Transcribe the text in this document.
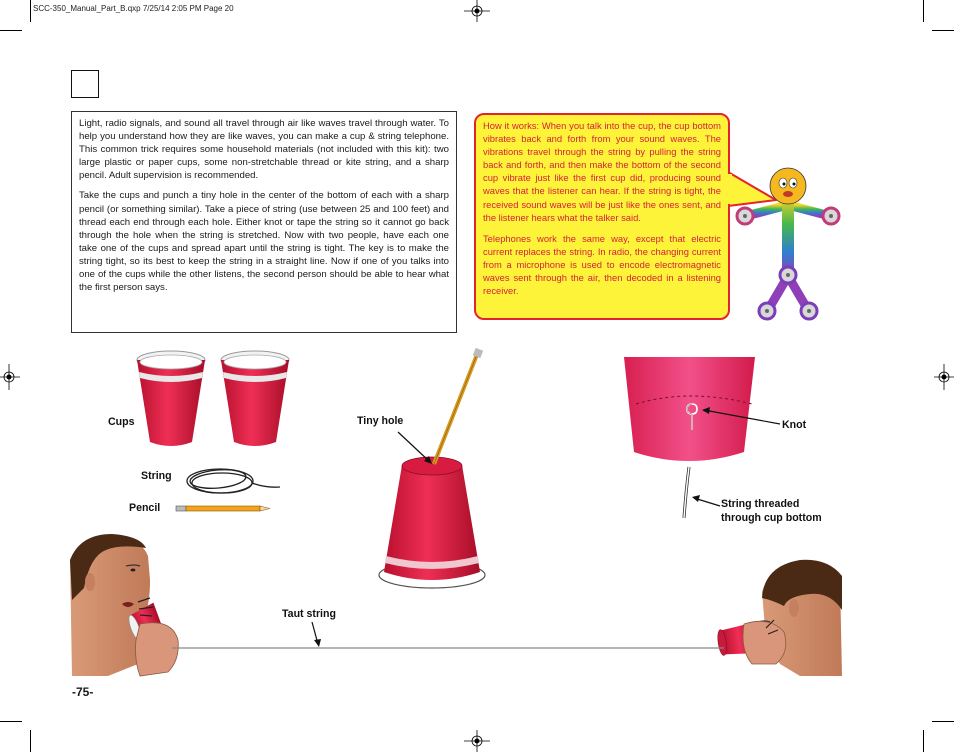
SCC-350_Manual_Part_B.qxp 7/25/14 2:05 PM Page 20

Light, radio signals, and sound all travel through air like waves travel through water. To help you understand how they are like waves, you can make a cup & string telephone. This common trick requires some household materials (not included with this kit): two large plastic or paper cups, some non-stretchable thread or kite string, and a sharp pencil. Adult supervision is recommended.

Take the cups and punch a tiny hole in the center of the bottom of each with a sharp pencil (or something similar). Take a piece of string (use between 25 and 100 feet) and thread each end through each hole. Either knot or tape the string so it cannot go back through the hole when the string is stretched. Now with two people, have each one take one of the cups and spread apart until the string is tight. The key is to make the string tight, so its best to keep the string in a straight line. Now if one of you talks into one of the cups while the other listens, the second person should be able to hear what the first person says.

How it works: When you talk into the cup, the cup bottom vibrates back and forth from your sound waves. The vibrations travel through the string by pulling the string back and forth, and then make the bottom of the second cup vibrate just like the first cup did, producing sound waves that the listener can hear. If the string is tight, the received sound waves will be just like the ones sent, and the listener hears what the talker said.

Telephones work the same way, except that electric current replaces the string. In radio, the changing current from a microphone is used to encode electromagnetic waves sent through the air, then decoded in a listening receiver.

Cups
String
Pencil
Tiny hole	Knot
String threaded
through cup bottom
Taut string
-75-
